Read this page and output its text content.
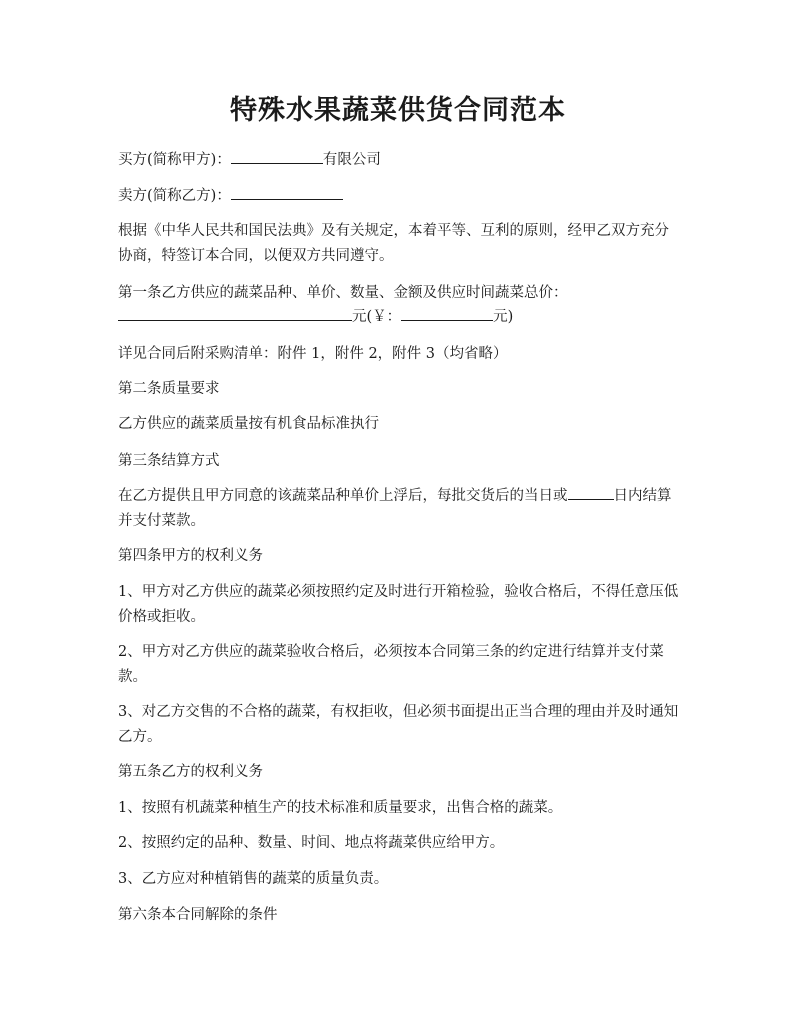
特殊水果蔬菜供货合同范本

买方(简称甲方)：	有限公司

卖方(简称乙方)：

根据《中华人民共和国民法典》及有关规定，本着平等、互利的原则，经甲乙双方充分协商，特签订本合同，以便双方共同遵守。

第一条乙方供应的蔬菜品种、单价、数量、金额及供应时间蔬菜总价：

元(￥：	元)

详见合同后附采购清单：附件 1，附件 2，附件 3（均省略）

第二条质量要求

乙方供应的蔬菜质量按有机食品标准执行

第三条结算方式

在乙方提供且甲方同意的该蔬菜品种单价上浮后，每批交货后的当日或	日内结算并支付菜款。

第四条甲方的权利义务

1、甲方对乙方供应的蔬菜必须按照约定及时进行开箱检验，验收合格后，不得任意压低价格或拒收。

2、甲方对乙方供应的蔬菜验收合格后，必须按本合同第三条的约定进行结算并支付菜款。

3、对乙方交售的不合格的蔬菜，有权拒收，但必须书面提出正当合理的理由并及时通知乙方。

第五条乙方的权利义务

1、按照有机蔬菜种植生产的技术标准和质量要求，出售合格的蔬菜。

2、按照约定的品种、数量、时间、地点将蔬菜供应给甲方。

3、乙方应对种植销售的蔬菜的质量负责。

第六条本合同解除的条件
